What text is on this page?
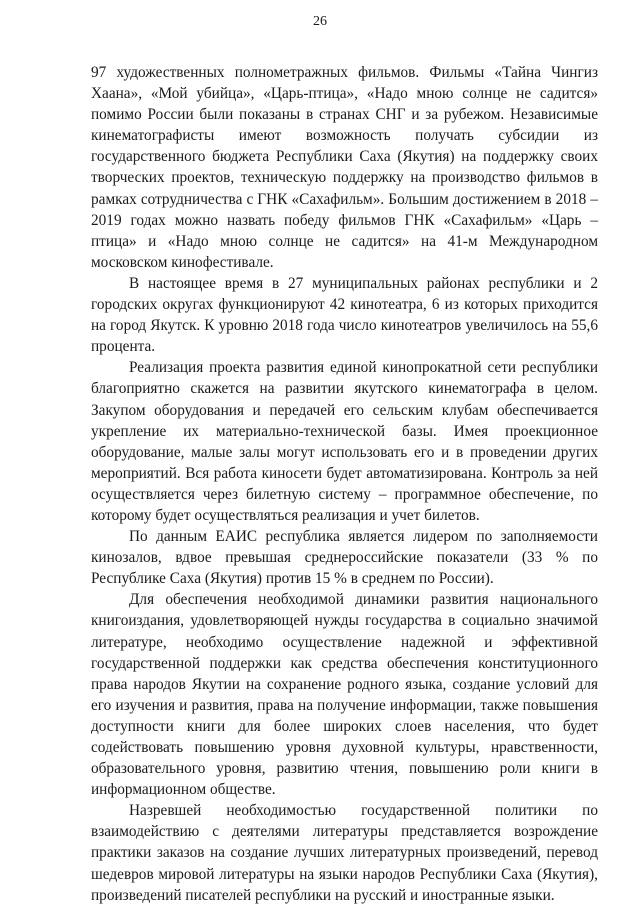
26

97 художественных полнометражных фильмов. Фильмы «Тайна Чингиз Хаана», «Мой убийца», «Царь-птица», «Надо мною солнце не садится» помимо России были показаны в странах СНГ и за рубежом. Независимые кинематографисты имеют возможность получать субсидии из государственного бюджета Республики Саха (Якутия) на поддержку своих творческих проектов, техническую поддержку на производство фильмов в рамках сотрудничества с ГНК «Сахафильм». Большим достижением в 2018 – 2019 годах можно назвать победу фильмов ГНК «Сахафильм» «Царь – птица» и «Надо мною солнце не садится» на 41-м Международном московском кинофестивале.

В настоящее время в 27 муниципальных районах республики и 2 городских округах функционируют 42 кинотеатра, 6 из которых приходится на город Якутск. К уровню 2018 года число кинотеатров увеличилось на 55,6 процента.

Реализация проекта развития единой кинопрокатной сети республики благоприятно скажется на развитии якутского кинематографа в целом. Закупом оборудования и передачей его сельским клубам обеспечивается укрепление их материально-технической базы. Имея проекционное оборудование, малые залы могут использовать его и в проведении других мероприятий. Вся работа киносети будет автоматизирована. Контроль за ней осуществляется через билетную систему – программное обеспечение, по которому будет осуществляться реализация и учет билетов.

По данным ЕАИС республика является лидером по заполняемости кинозалов, вдвое превышая среднероссийские показатели (33 % по Республике Саха (Якутия) против 15 % в среднем по России).

Для обеспечения необходимой динамики развития национального книгоиздания, удовлетворяющей нужды государства в социально значимой литературе, необходимо осуществление надежной и эффективной государственной поддержки как средства обеспечения конституционного права народов Якутии на сохранение родного языка, создание условий для его изучения и развития, права на получение информации, также повышения доступности книги для более широких слоев населения, что будет содействовать повышению уровня духовной культуры, нравственности, образовательного уровня, развитию чтения, повышению роли книги в информационном обществе.

Назревшей необходимостью государственной политики по взаимодействию с деятелями литературы представляется возрождение практики заказов на создание лучших литературных произведений, перевод шедевров мировой литературы на языки народов Республики Саха (Якутия), произведений писателей республики на русский и иностранные языки.
